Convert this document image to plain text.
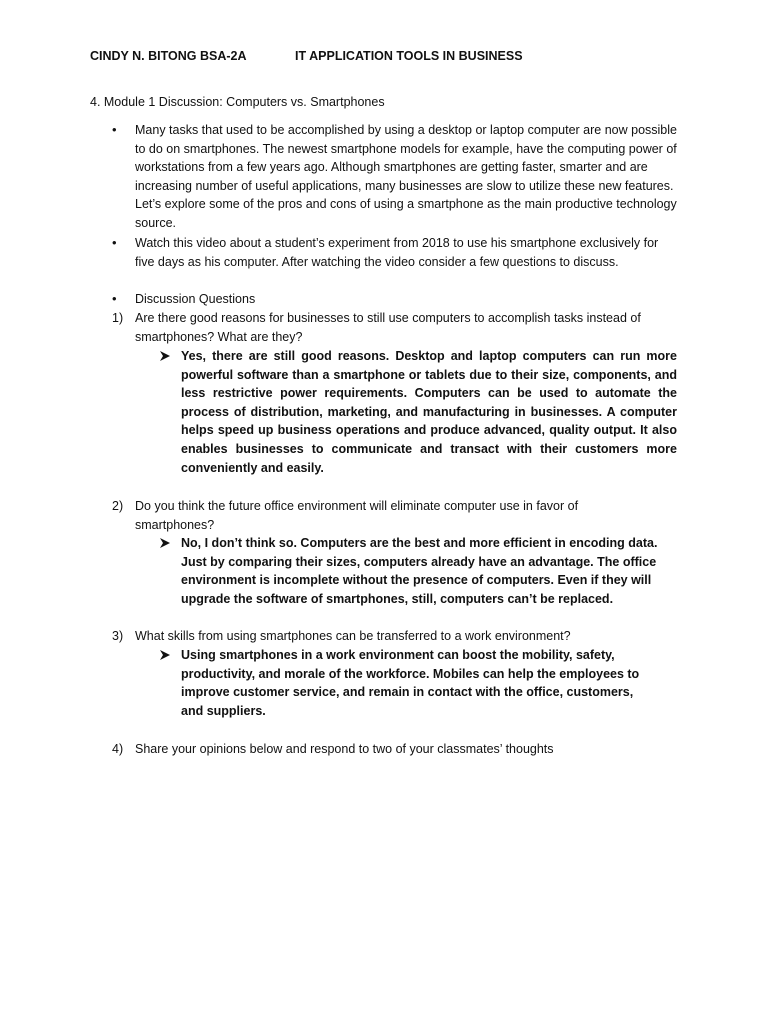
CINDY N. BITONG BSA-2A	IT APPLICATION TOOLS IN BUSINESS
4. Module 1 Discussion: Computers vs. Smartphones
• Many tasks that used to be accomplished by using a desktop or laptop computer are now possible to do on smartphones. The newest smartphone models for example, have the computing power of workstations from a few years ago. Although smartphones are getting faster, smarter and are increasing number of useful applications, many businesses are slow to utilize these new features. Let’s explore some of the pros and cons of using a smartphone as the main productive technology source.
• Watch this video about a student’s experiment from 2018 to use his smartphone exclusively for five days as his computer. After watching the video consider a few questions to discuss.
• Discussion Questions
1) Are there good reasons for businesses to still use computers to accomplish tasks instead of smartphones? What are they?
Yes, there are still good reasons. Desktop and laptop computers can run more powerful software than a smartphone or tablets due to their size, components, and less restrictive power requirements. Computers can be used to automate the process of distribution, marketing, and manufacturing in businesses. A computer helps speed up business operations and produce advanced, quality output. It also enables businesses to communicate and transact with their customers more conveniently and easily.
2) Do you think the future office environment will eliminate computer use in favor of smartphones?
No, I don’t think so. Computers are the best and more efficient in encoding data. Just by comparing their sizes, computers already have an advantage. The office environment is incomplete without the presence of computers. Even if they will upgrade the software of smartphones, still, computers can’t be replaced.
3) What skills from using smartphones can be transferred to a work environment?
Using smartphones in a work environment can boost the mobility, safety, productivity, and morale of the workforce. Mobiles can help the employees to improve customer service, and remain in contact with the office, customers, and suppliers.
4) Share your opinions below and respond to two of your classmates’ thoughts
